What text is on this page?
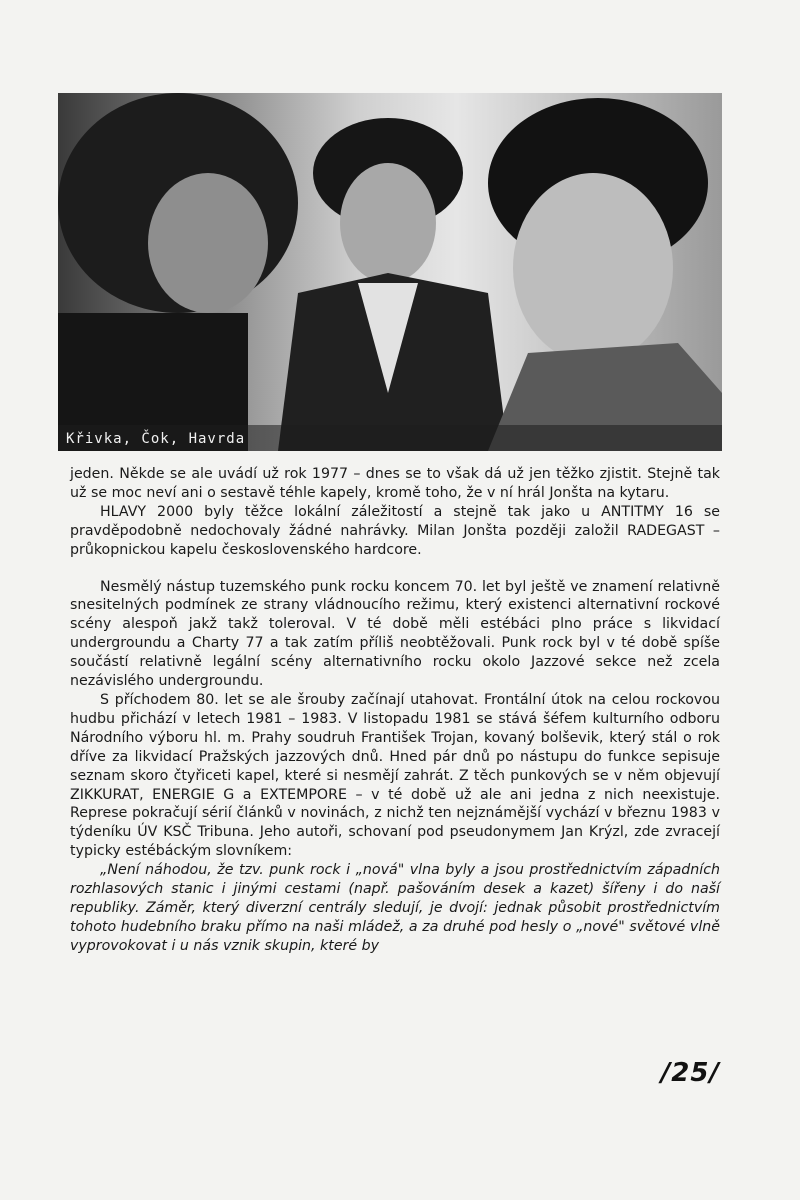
Křivka, Čok, Havrda

jeden. Někde se ale uvádí už rok 1977 – dnes se to však dá už jen těžko zjistit. Stejně tak už se moc neví ani o sestavě téhle kapely, kromě toho, že v ní hrál Jonšta na kytaru.

HLAVY 2000 byly těžce lokální záležitostí a stejně tak jako u ANTITMY 16 se pravděpodobně nedochovaly žádné nahrávky. Milan Jonšta později založil RADEGAST – průkopnickou kapelu československého hardcore.

Nesmělý nástup tuzemského punk rocku koncem 70. let byl ještě ve znamení relativně snesitelných podmínek ze strany vládnoucího režimu, který existenci alternativní rockové scény alespoň jakž takž toleroval. V té době měli estébáci plno práce s likvidací undergroundu a Charty 77 a tak zatím příliš neobtěžovali. Punk rock byl v té době spíše součástí relativně legální scény alternativního rocku okolo Jazzové sekce než zcela nezávislého undergroundu.

S příchodem 80. let se ale šrouby začínají utahovat. Frontální útok na celou rockovou hudbu přichází v letech 1981 – 1983. V listopadu 1981 se stává šéfem kulturního odboru Národního výboru hl. m. Prahy soudruh František Trojan, kovaný bolševik, který stál o rok dříve za likvidací Pražských jazzových dnů. Hned pár dnů po nástupu do funkce sepisuje seznam skoro čtyřiceti kapel, které si nesmějí zahrát. Z těch punkových se v něm objevují ZIKKURAT, ENERGIE G a EXTEMPORE – v té době už ale ani jedna z nich neexistuje. Represe pokračují sérií článků v novinách, z nichž ten nejznámější vychází v březnu 1983 v týdeníku ÚV KSČ Tribuna. Jeho autoři, schovaní pod pseudonymem Jan Krýzl, zde zvracejí typicky estébáckým slovníkem:

„Není náhodou, že tzv. punk rock i „nová" vlna byly a jsou prostřednictvím západních rozhlasových stanic i jinými cestami (např. pašováním desek a kazet) šířeny i do naší republiky. Záměr, který diverzní centrály sledují, je dvojí: jednak působit prostřednictvím tohoto hudebního braku přímo na naši mládež, a za druhé pod hesly o „nové" světové vlně vyprovokovat i u nás vznik skupin, které by

/25/
